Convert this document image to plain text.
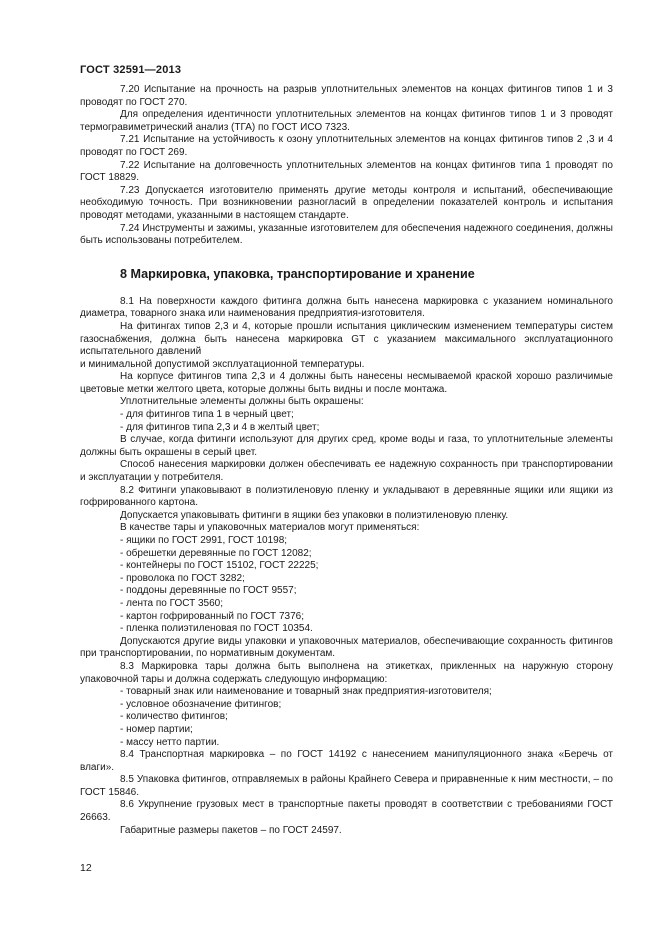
ГОСТ 32591—2013

7.20 Испытание на прочность на разрыв уплотнительных элементов на концах фитингов типов 1 и 3 проводят по ГОСТ 270.

Для определения идентичности уплотнительных элементов на концах фитингов типов 1 и 3 проводят термогравиметрический анализ (ТГА) по ГОСТ ИСО 7323.

7.21 Испытание на устойчивость к озону уплотнительных элементов на концах фитингов типов 2 ,3 и 4 проводят по ГОСТ 269.

7.22 Испытание на долговечность уплотнительных элементов на концах фитингов типа 1 проводят по ГОСТ 18829.

7.23 Допускается изготовителю применять другие методы контроля и испытаний, обеспечивающие необходимую точность. При возникновении разногласий в определении показателей контроль и испытания проводят методами, указанными в настоящем стандарте.

7.24 Инструменты и зажимы, указанные изготовителем для обеспечения надежного соединения, должны быть использованы потребителем.

8 Маркировка, упаковка, транспортирование и хранение

8.1 На поверхности каждого фитинга должна быть нанесена маркировка с указанием номинального диаметра, товарного знака или наименования предприятия-изготовителя.

На фитингах типов 2,3 и 4, которые прошли испытания циклическим изменением температуры систем газоснабжения, должна быть нанесена маркировка GT с указанием максимального эксплуатационного испытательного давлений

и минимальной допустимой эксплуатационной температуры.

На корпусе фитингов типа 2,3 и 4 должны быть нанесены несмываемой краской хорошо различимые цветовые метки желтого цвета, которые должны быть видны и после монтажа.

Уплотнительные элементы должны быть окрашены:

- для фитингов типа 1 в черный цвет;
- для фитингов типа 2,3 и 4 в желтый цвет;

В случае, когда фитинги используют для других сред, кроме воды и газа, то уплотнительные элементы должны быть окрашены в серый цвет.

Способ нанесения маркировки должен обеспечивать ее надежную сохранность при транспортировании и эксплуатации у потребителя.

8.2 Фитинги упаковывают в полиэтиленовую пленку и укладывают в деревянные ящики или ящики из гофрированного картона.

Допускается упаковывать фитинги в ящики без упаковки в полиэтиленовую пленку.

В качестве тары и упаковочных материалов могут применяться:

- ящики по ГОСТ 2991, ГОСТ 10198;
- обрешетки деревянные по ГОСТ 12082;
- контейнеры по ГОСТ 15102, ГОСТ 22225;
- проволока по ГОСТ 3282;
- поддоны деревянные по ГОСТ 9557;
- лента по ГОСТ 3560;
- картон гофрированный по ГОСТ 7376;
- пленка полиэтиленовая по ГОСТ 10354.

Допускаются другие виды упаковки и упаковочных материалов, обеспечивающие сохранность фитингов при транспортировании, по нормативным документам.

8.3 Маркировка тары должна быть выполнена на этикетках, прикленных на наружную сторону упаковочной тары и должна содержать следующую информацию:

- товарный знак или наименование и товарный знак предприятия-изготовителя;
- условное обозначение фитингов;
- количество фитингов;
- номер партии;
- массу нетто партии.

8.4 Транспортная маркировка – по ГОСТ 14192 с нанесением манипуляционного знака «Беречь от влаги».

8.5 Упаковка фитингов, отправляемых в районы Крайнего Севера и приравненные к ним местности, – по ГОСТ 15846.

8.6 Укрупнение грузовых мест в транспортные пакеты проводят в соответствии с требованиями ГОСТ 26663.

Габаритные размеры пакетов – по ГОСТ 24597.

12
